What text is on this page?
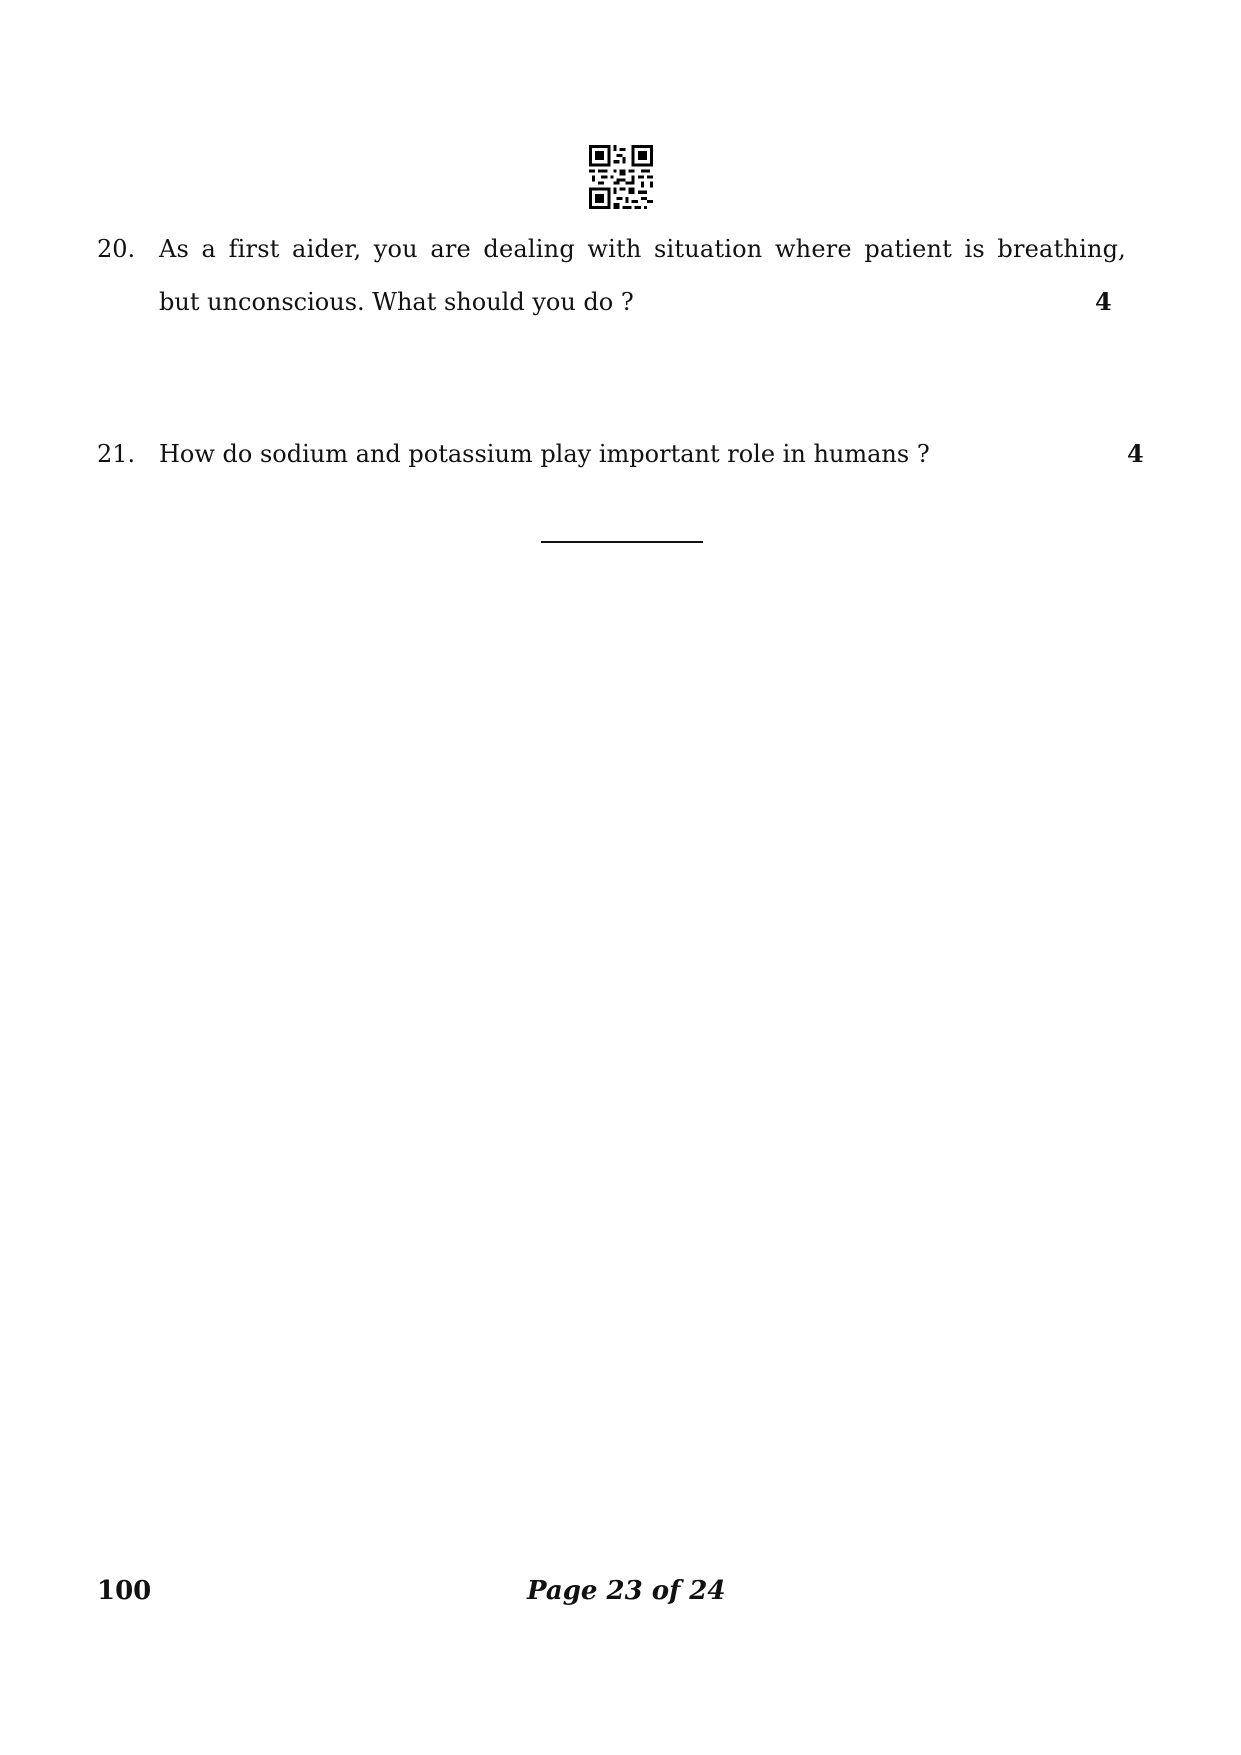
20. As a first aider, you are dealing with situation where patient is breathing,
but unconscious. What should you do ?	4
21. How do sodium and potassium play important role in humans ?	4
100	Page 23 of 24
